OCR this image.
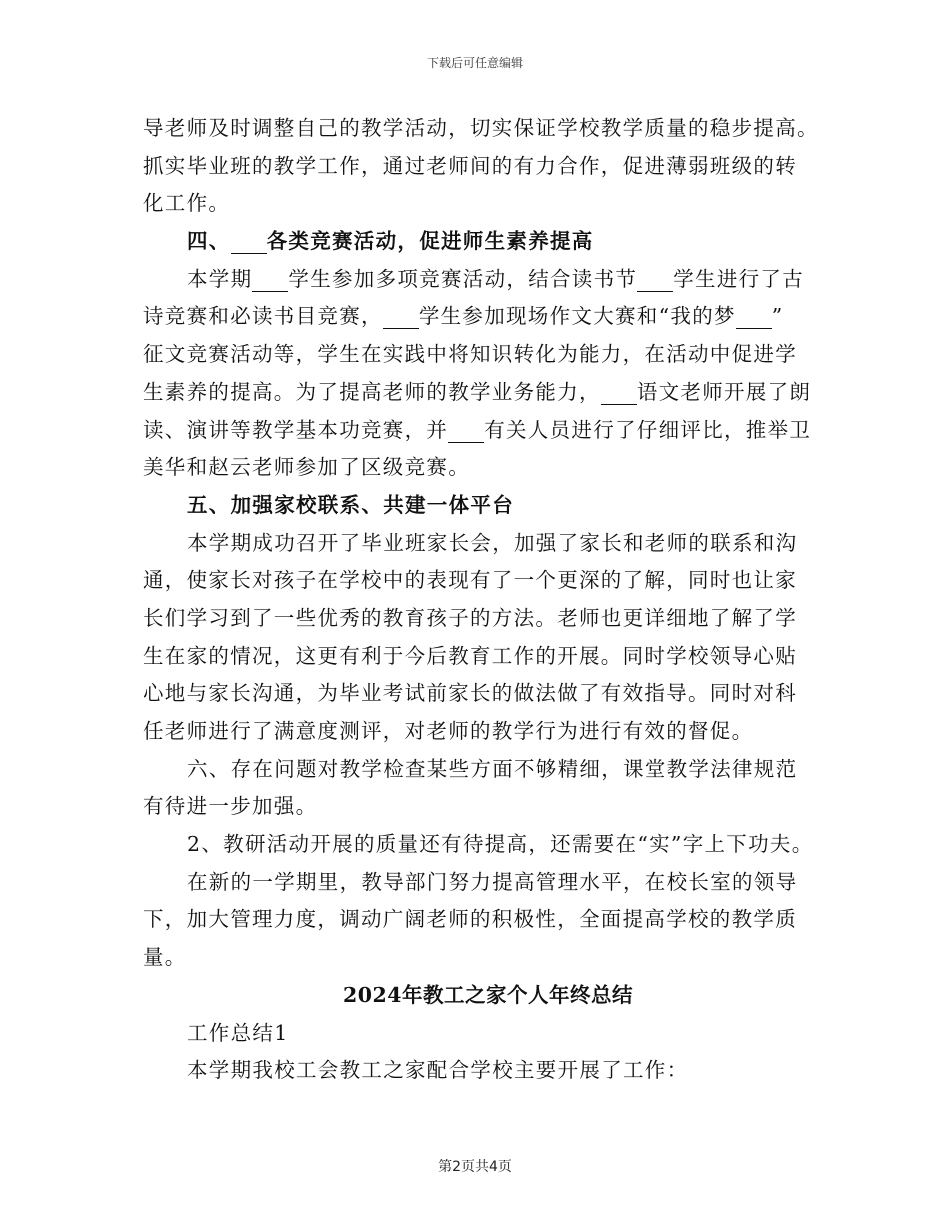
下载后可任意编辑
导老师及时调整自己的教学活动，切实保证学校教学质量的稳步提高。
抓实毕业班的教学工作，通过老师间的有力合作，促进薄弱班级的转
化工作。
四、 各类竞赛活动，促进师生素养提高
本学期 学生参加多项竞赛活动，结合读书节 学生进行了古
诗竞赛和必读书目竞赛， 学生参加现场作文大赛和“我的梦 ”
征文竞赛活动等，学生在实践中将知识转化为能力，在活动中促进学
生素养的提高。为了提高老师的教学业务能力， 语文老师开展了朗
读、演讲等教学基本功竞赛，并 有关人员进行了仔细评比，推举卫
美华和赵云老师参加了区级竞赛。
五、加强家校联系、共建一体平台
本学期成功召开了毕业班家长会，加强了家长和老师的联系和沟
通，使家长对孩子在学校中的表现有了一个更深的了解，同时也让家
长们学习到了一些优秀的教育孩子的方法。老师也更详细地了解了学
生在家的情况，这更有利于今后教育工作的开展。同时学校领导心贴
心地与家长沟通，为毕业考试前家长的做法做了有效指导。同时对科
任老师进行了满意度测评，对老师的教学行为进行有效的督促。
六、存在问题对教学检查某些方面不够精细，课堂教学法律规范
有待进一步加强。
2、教研活动开展的质量还有待提高，还需要在“实”字上下功夫。
在新的一学期里，教导部门努力提高管理水平，在校长室的领导
下，加大管理力度，调动广阔老师的积极性，全面提高学校的教学质
量。
2024年教工之家个人年终总结
工作总结1
本学期我校工会教工之家配合学校主要开展了工作：
第2页共4页
